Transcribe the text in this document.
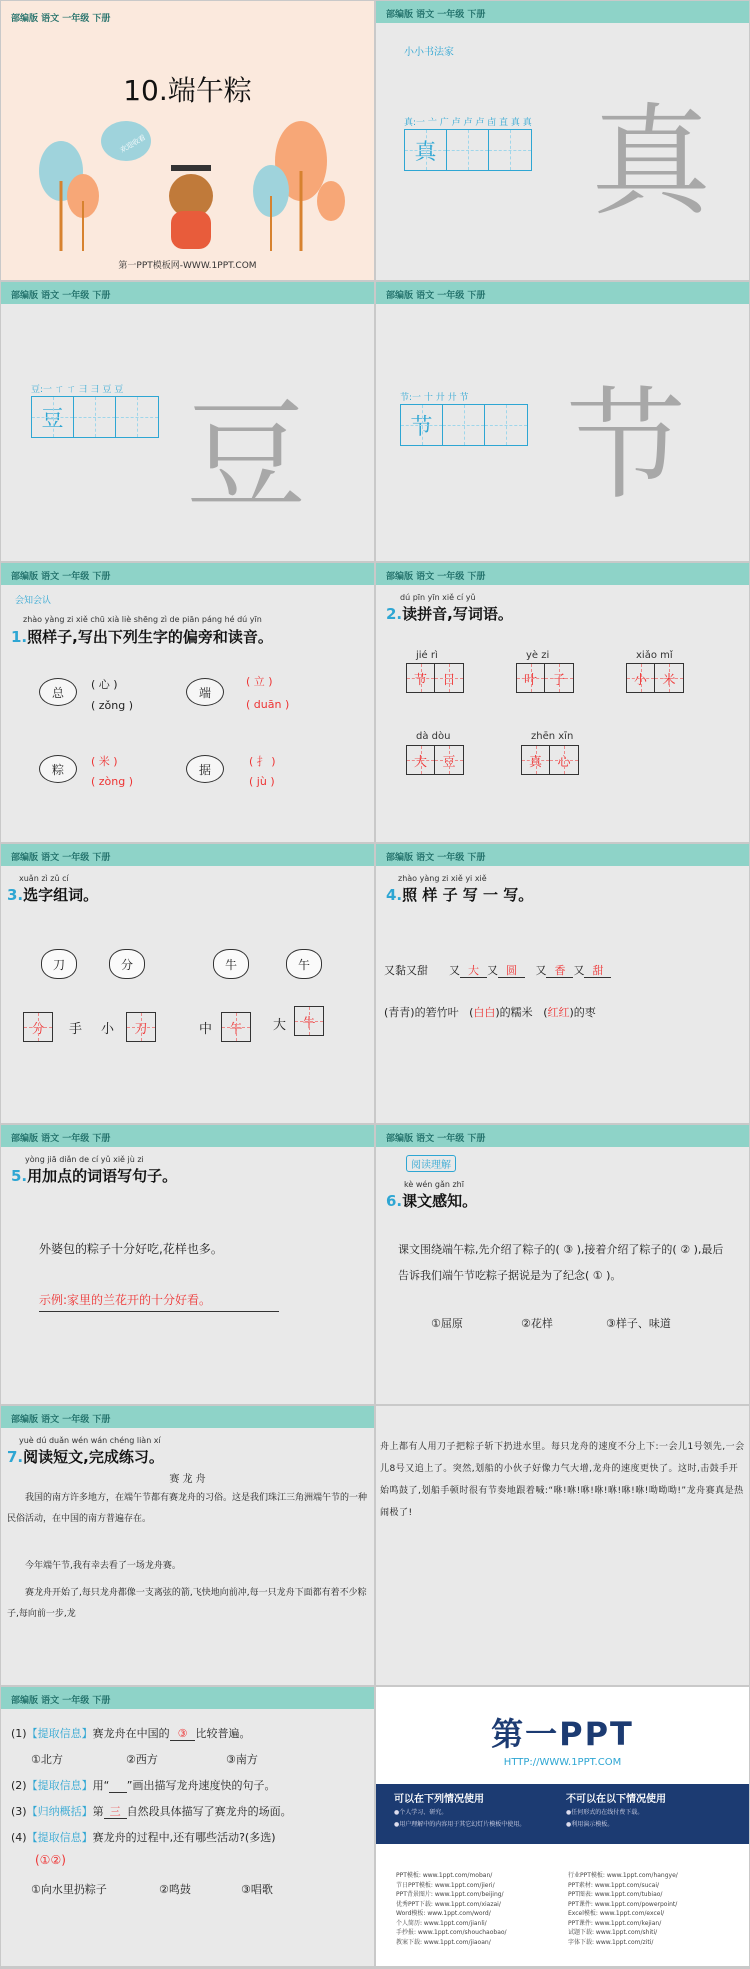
部编版 语文 一年级 下册
10.端午粽
欢迎收看
第一PPT模板网-WWW.1PPT.COM
部编版 语文 一年级 下册
小小书法家
真:一 亠 广 卢 卢 卢 卣 直 真 真
真 真
部编版 语文 一年级 下册
豆:一 ㄒ ㄒ 彐 彐 豆 豆
豆 豆
部编版 语文 一年级 下册
节:一 十 廾 廾 节
节 节
部编版 语文 一年级 下册
会知会认
zhào yàng zi xiě chū xià liè shēng zì de piān páng hé dú yīn
1.照样子,写出下列生字的偏旁和读音。
总
( 心 )
( zǒng )
端
( 立 )
( duān )
粽
( 米 )
( zòng )
据
( 扌 )
( jù )
部编版 语文 一年级 下册
dú pīn yīn xiě cí yǔ
2.读拼音,写词语。
jié rì
节	日
yè zi
叶	子
xiǎo mǐ
小	米
dà dòu
大	豆
zhēn xīn
真	心
部编版 语文 一年级 下册
xuǎn zì zǔ cí
3.选字组词。
刀	分	牛	午
分	手 小	刀	中	午	大	牛
部编版 语文 一年级 下册
zhào yàng zi xiě yi xiě
4.照 样 子 写 一 写。
又黏又甜 又 大 又 圆 又 香 又 甜
(青青)的箬竹叶 (白白)的糯米 (红红)的枣
部编版 语文 一年级 下册
yòng jiā diǎn de cí yǔ xiě jù zi
5.用加点的词语写句子。
外婆包的粽子十分好吃,花样也多。
示例:家里的兰花开的十分好看。
部编版 语文 一年级 下册
阅读理解
kè wén gǎn zhī
6.课文感知。
课文围绕端午粽,先介绍了粽子的( ③ ),接着介绍了粽子的( ② ),最后告诉我们端午节吃粽子据说是为了纪念( ① )。
①屈原	②花样	③样子、味道
部编版 语文 一年级 下册
yuè dú duǎn wén wán chéng liàn xí
7.阅读短文,完成练习。
赛 龙 舟
我国的南方许多地方，在端午节都有赛龙舟的习俗。这是我们珠江三角洲端午节的一种民俗活动，在中国的南方普遍存在。
今年端午节,我有幸去看了一场龙舟赛。
赛龙舟开始了,每只龙舟都像一支离弦的箭,飞快地向前冲,每一只龙舟下面都有着不少粽子,每向前一步,龙
舟上都有人用刀子把粽子斩下扔进水里。每只龙舟的速度不分上下:一会儿1号领先,一会儿8号又追上了。突然,划船的小伙子好像力气大增,龙舟的速度更快了。这时,击鼓手开始鸣鼓了,划船手顿时很有节奏地跟着喊:“咻!咻!咻!咻!咻!咻!咻!呦呦呦!”龙舟赛真是热闹极了!
部编版 语文 一年级 下册
(1)【提取信息】赛龙舟在中国的 ③ 比较普遍。
①北方	②西方	③南方
(2)【提取信息】用“ ”画出描写龙舟速度快的句子。
(3)【归纳概括】第 三 自然段具体描写了赛龙舟的场面。
(4)【提取信息】赛龙舟的过程中,还有哪些活动?(多选)
(①②)
①向水里扔粽子	②鸣鼓	③唱歌
第一PPT
HTTP://WWW.1PPT.COM
可以在下列情况使用
●个人学习、研究。
●用户理解中的内容用于其它幻灯片模板中使用。
不可以在以下情况使用
●任何形式的在线付费下载。
●利用演示模板。
PPT模板: www.1ppt.com/moban/
节日PPT模板: www.1ppt.com/jieri/
PPT背景图片: www.1ppt.com/beijing/
优秀PPT下载: www.1ppt.com/xiazai/
Word模板: www.1ppt.com/word/
个人简历: www.1ppt.com/jianli/
手抄报: www.1ppt.com/shouchaobao/
教案下载: www.1ppt.com/jiaoan/
行业PPT模板: www.1ppt.com/hangye/
PPT素材: www.1ppt.com/sucai/
PPT图表: www.1ppt.com/tubiao/
PPT课件: www.1ppt.com/powerpoint/
Excel模板: www.1ppt.com/excel/
PPT课件: www.1ppt.com/kejian/
试题下载: www.1ppt.com/shiti/
字体下载: www.1ppt.com/ziti/
